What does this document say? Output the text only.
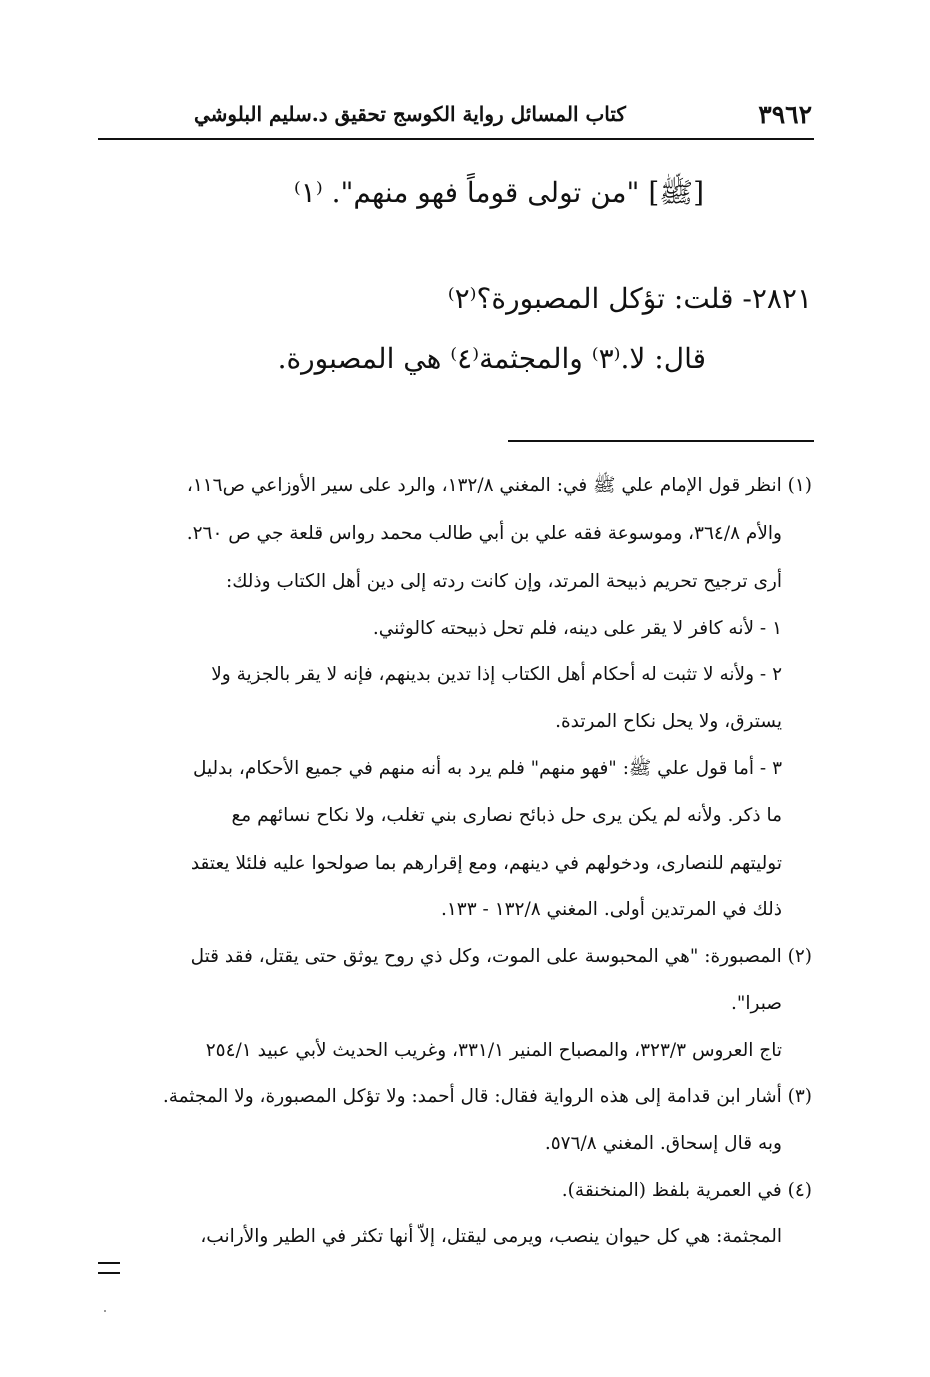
٣٩٦٢
كتاب المسائل رواية الكوسج تحقيق د.سليم البلوشي
[ﷺ] "من تولى قوماً فهو منهم". ⁽١⁾
٢٨٢١- قلت: تؤكل المصبورة؟⁽٢⁾
قال: لا.⁽٣⁾ والمجثمة⁽٤⁾ هي المصبورة.
(١) انظر قول الإمام علي ﷺ في: المغني ١٣٢/٨، والرد على سير الأوزاعي ص١١٦،
والأم ٣٦٤/٨، وموسوعة فقه علي بن أبي طالب محمد رواس قلعة جي ص ٢٦٠.
أرى ترجيح تحريم ذبيحة المرتد، وإن كانت ردته إلى دين أهل الكتاب وذلك:
١ - لأنه كافر لا يقر على دينه، فلم تحل ذبيحته كالوثني.
٢ - ولأنه لا تثبت له أحكام أهل الكتاب إذا تدين بدينهم، فإنه لا يقر بالجزية ولا
يسترق، ولا يحل نكاح المرتدة.
٣ - أما قول علي ﷺ: "فهو منهم" فلم يرد به أنه منهم في جميع الأحكام، بدليل
ما ذكر. ولأنه لم يكن يرى حل ذبائح نصارى بني تغلب، ولا نكاح نسائهم مع
توليتهم للنصارى، ودخولهم في دينهم، ومع إقرارهم بما صولحوا عليه فلئلا يعتقد
ذلك في المرتدين أولى. المغني ١٣٢/٨ - ١٣٣.
(٢) المصبورة: "هي المحبوسة على الموت، وكل ذي روح يوثق حتى يقتل، فقد قتل
صبرا".
تاج العروس ٣٢٣/٣، والمصباح المنير ٣٣١/١، وغريب الحديث لأبي عبيد ٢٥٤/١
(٣) أشار ابن قدامة إلى هذه الرواية فقال: قال أحمد: ولا تؤكل المصبورة، ولا المجثمة.
وبه قال إسحاق. المغني ٥٧٦/٨.
(٤) في العمرية بلفظ (المنخنقة).
المجثمة: هي كل حيوان ينصب، ويرمى ليقتل، إلاّ أنها تكثر في الطير والأرانب،
